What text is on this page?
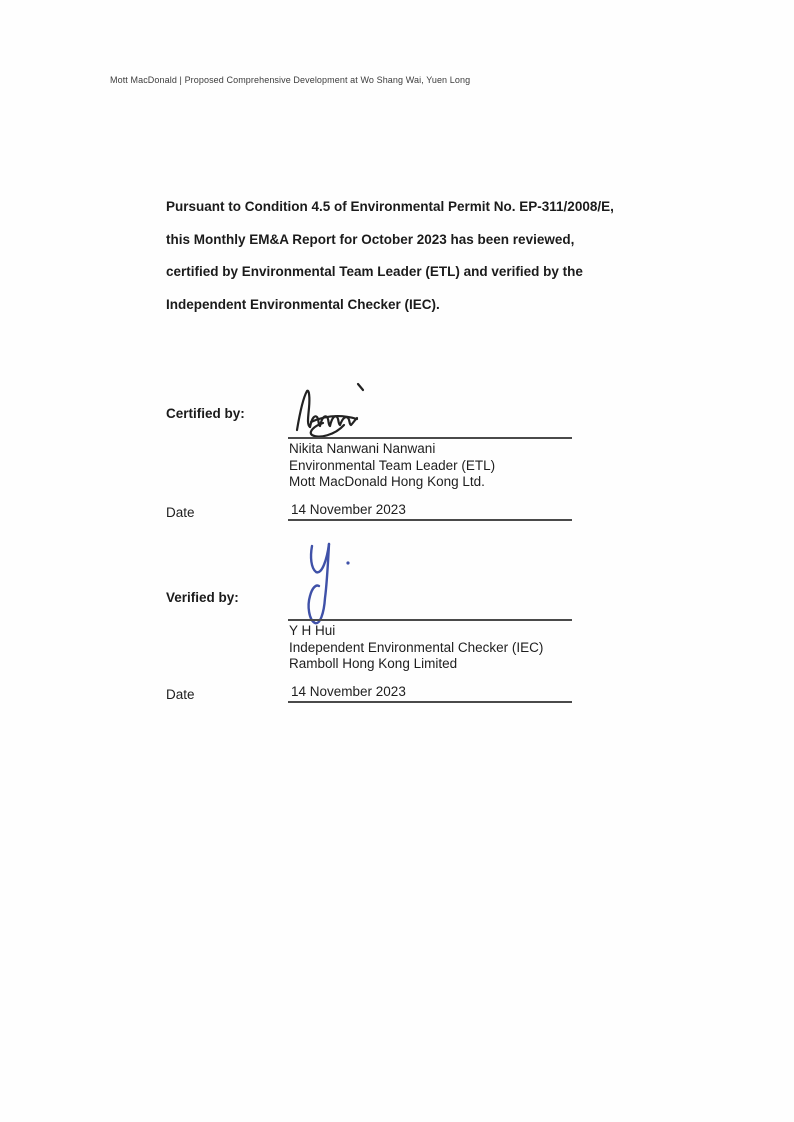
Mott MacDonald | Proposed Comprehensive Development at Wo Shang Wai, Yuen Long
Pursuant to Condition 4.5 of Environmental Permit No. EP-311/2008/E,
this Monthly EM&A Report for October 2023 has been reviewed,
certified by Environmental Team Leader (ETL) and verified by the
Independent Environmental Checker (IEC).
Certified by:
Nikita Nanwani Nanwani
Environmental Team Leader (ETL)
Mott MacDonald Hong Kong Ltd.
Date	14 November 2023
Verified by:
Y H Hui
Independent Environmental Checker (IEC)
Ramboll Hong Kong Limited
Date	14 November 2023
